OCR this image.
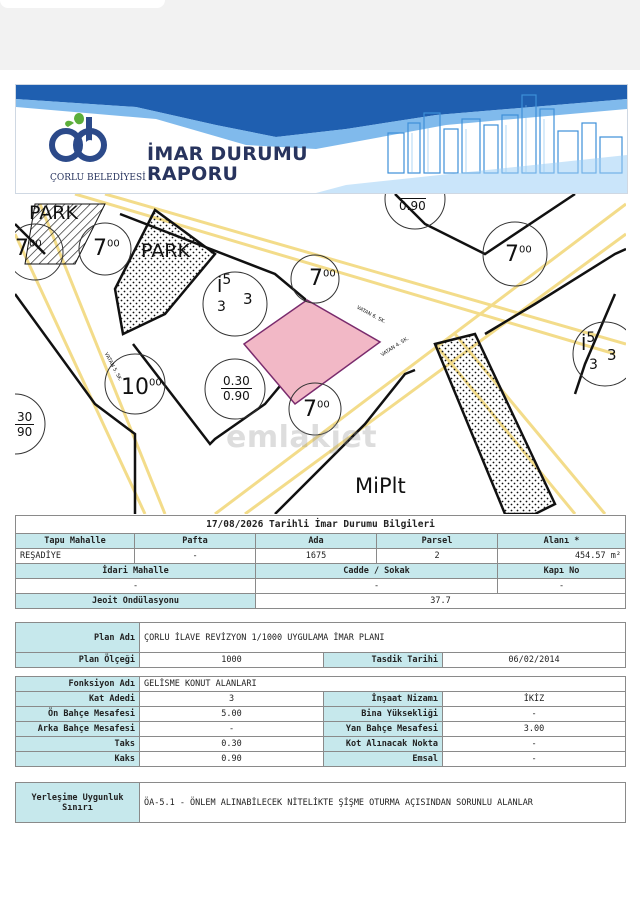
ÇORLU BELEDİYESİ
İMAR DURUMU
RAPORU
PARK
PARK
MiPlt
VATAN 6. SK.
VATAN 4. SK.
VATAN 5. SK.
$7^{00}$ $7^{00}$
$7^{00}$
$7^{00}$
$7^{00}$
$10^{00}$
$İ^5$
3	3
$İ^5$
3
3
0.90
$\frac{0.30}{0.90}$
$\frac{30}{90}$	emlakjet
17/08/2026 Tarihli İmar Durumu Bilgileri				
Tapu Mahalle	Pafta	Ada	Parsel	Alanı *
REŞADİYE	-	1675	2	454.57 m²
İdari Mahalle		Cadde / Sokak		Kapı No
-		-		-
Jeoit Ondülasyonu		37.7		
Plan Adı	ÇORLU İLAVE REVİZYON 1/1000 UYGULAMA İMAR PLANI		
Plan Ölçeği	1000	Tasdik Tarihi	06/02/2014
Fonksiyon Adı	GELİSME KONUT ALANLARI		
Kat Adedi	3	İnşaat Nizamı	İKİZ
Ön Bahçe Mesafesi	5.00	Bina Yüksekliği	-
Arka Bahçe Mesafesi	-	Yan Bahçe Mesafesi	3.00
Taks	0.30	Kot Alınacak Nokta	-
Kaks	0.90	Emsal	-
Yerleşime Uygunluk
Sınırı	ÖA-5.1 - ÖNLEM ALINABİLECEK NİTELİKTE ŞİŞME OTURMA AÇISINDAN SORUNLU ALANLAR
